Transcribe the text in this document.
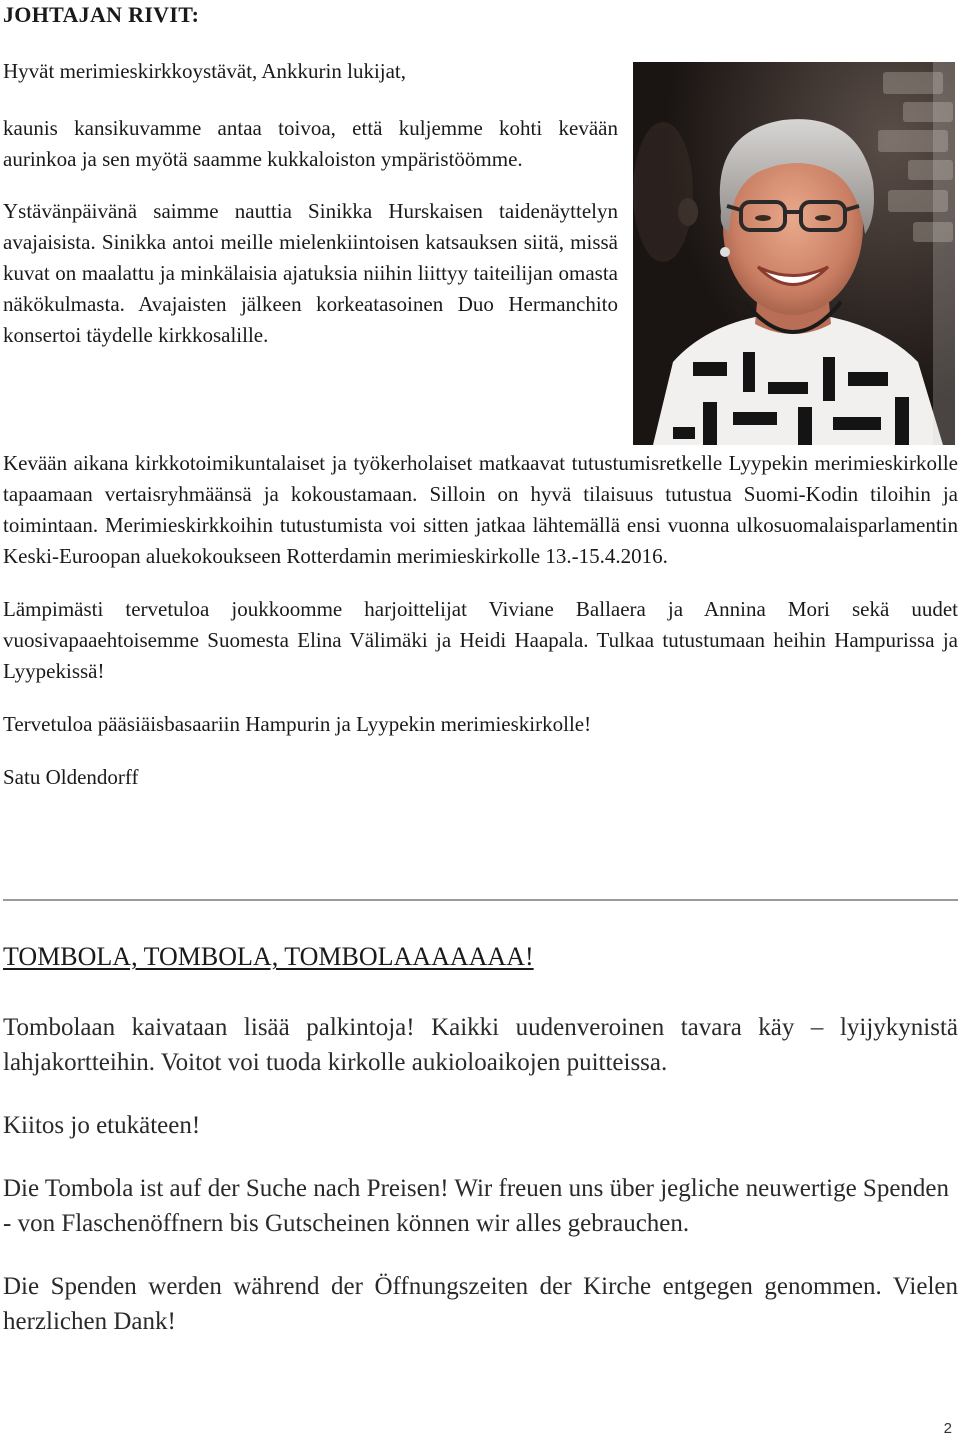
JOHTAJAN RIVIT:

Hyvät merimieskirkkoystävät, Ankkurin lukijat,

kaunis kansikuvamme antaa toivoa, että kuljemme kohti kevään aurinkoa ja sen myötä saamme kukkaloiston ympäristöömme.

Ystävänpäivänä saimme nauttia Sinikka Hurskaisen taidenäyttelyn avajaisista. Sinikka antoi meille mielenkiintoisen katsauksen siitä, missä kuvat on maalattu ja minkälaisia ajatuksia niihin liittyy taiteilijan omasta näkökulmasta. Avajaisten jälkeen korkeatasoinen Duo Hermanchito konsertoi täydelle kirkkosalille.

Kevään aikana kirkkotoimikuntalaiset ja työkerholaiset matkaavat tutustumisretkelle Lyypekin merimieskirkolle tapaamaan vertaisryhmäänsä ja kokoustamaan. Silloin on hyvä tilaisuus tutustua Suomi-Kodin tiloihin ja toimintaan. Merimieskirkkoihin tutustumista voi sitten jatkaa lähtemällä ensi vuonna ulkosuomalaisparlamentin Keski-Euroopan aluekokoukseen Rotterdamin merimieskirkolle 13.-15.4.2016.

Lämpimästi tervetuloa joukkoomme harjoittelijat Viviane Ballaera ja Annina Mori sekä uudet vuosivapaaehtoisemme Suomesta Elina Välimäki ja Heidi Haapala. Tulkaa tutustumaan heihin Hampurissa ja Lyypekissä!

Tervetuloa pääsiäisbasaariin Hampurin ja Lyypekin merimieskirkolle!

Satu Oldendorff

TOMBOLA, TOMBOLA, TOMBOLAAAAAAA!

Tombolaan kaivataan lisää palkintoja! Kaikki uudenveroinen tavara käy – lyijykynistä lahjakortteihin. Voitot voi tuoda kirkolle aukioloaikojen puitteissa.

Kiitos jo etukäteen!

Die Tombola ist auf der Suche nach Preisen! Wir freuen uns über jegliche neuwertige Spenden - von Flaschenöffnern bis Gutscheinen können wir alles gebrauchen.

Die Spenden werden während der Öffnungszeiten der Kirche entgegen genommen. Vielen herzlichen Dank!

2
